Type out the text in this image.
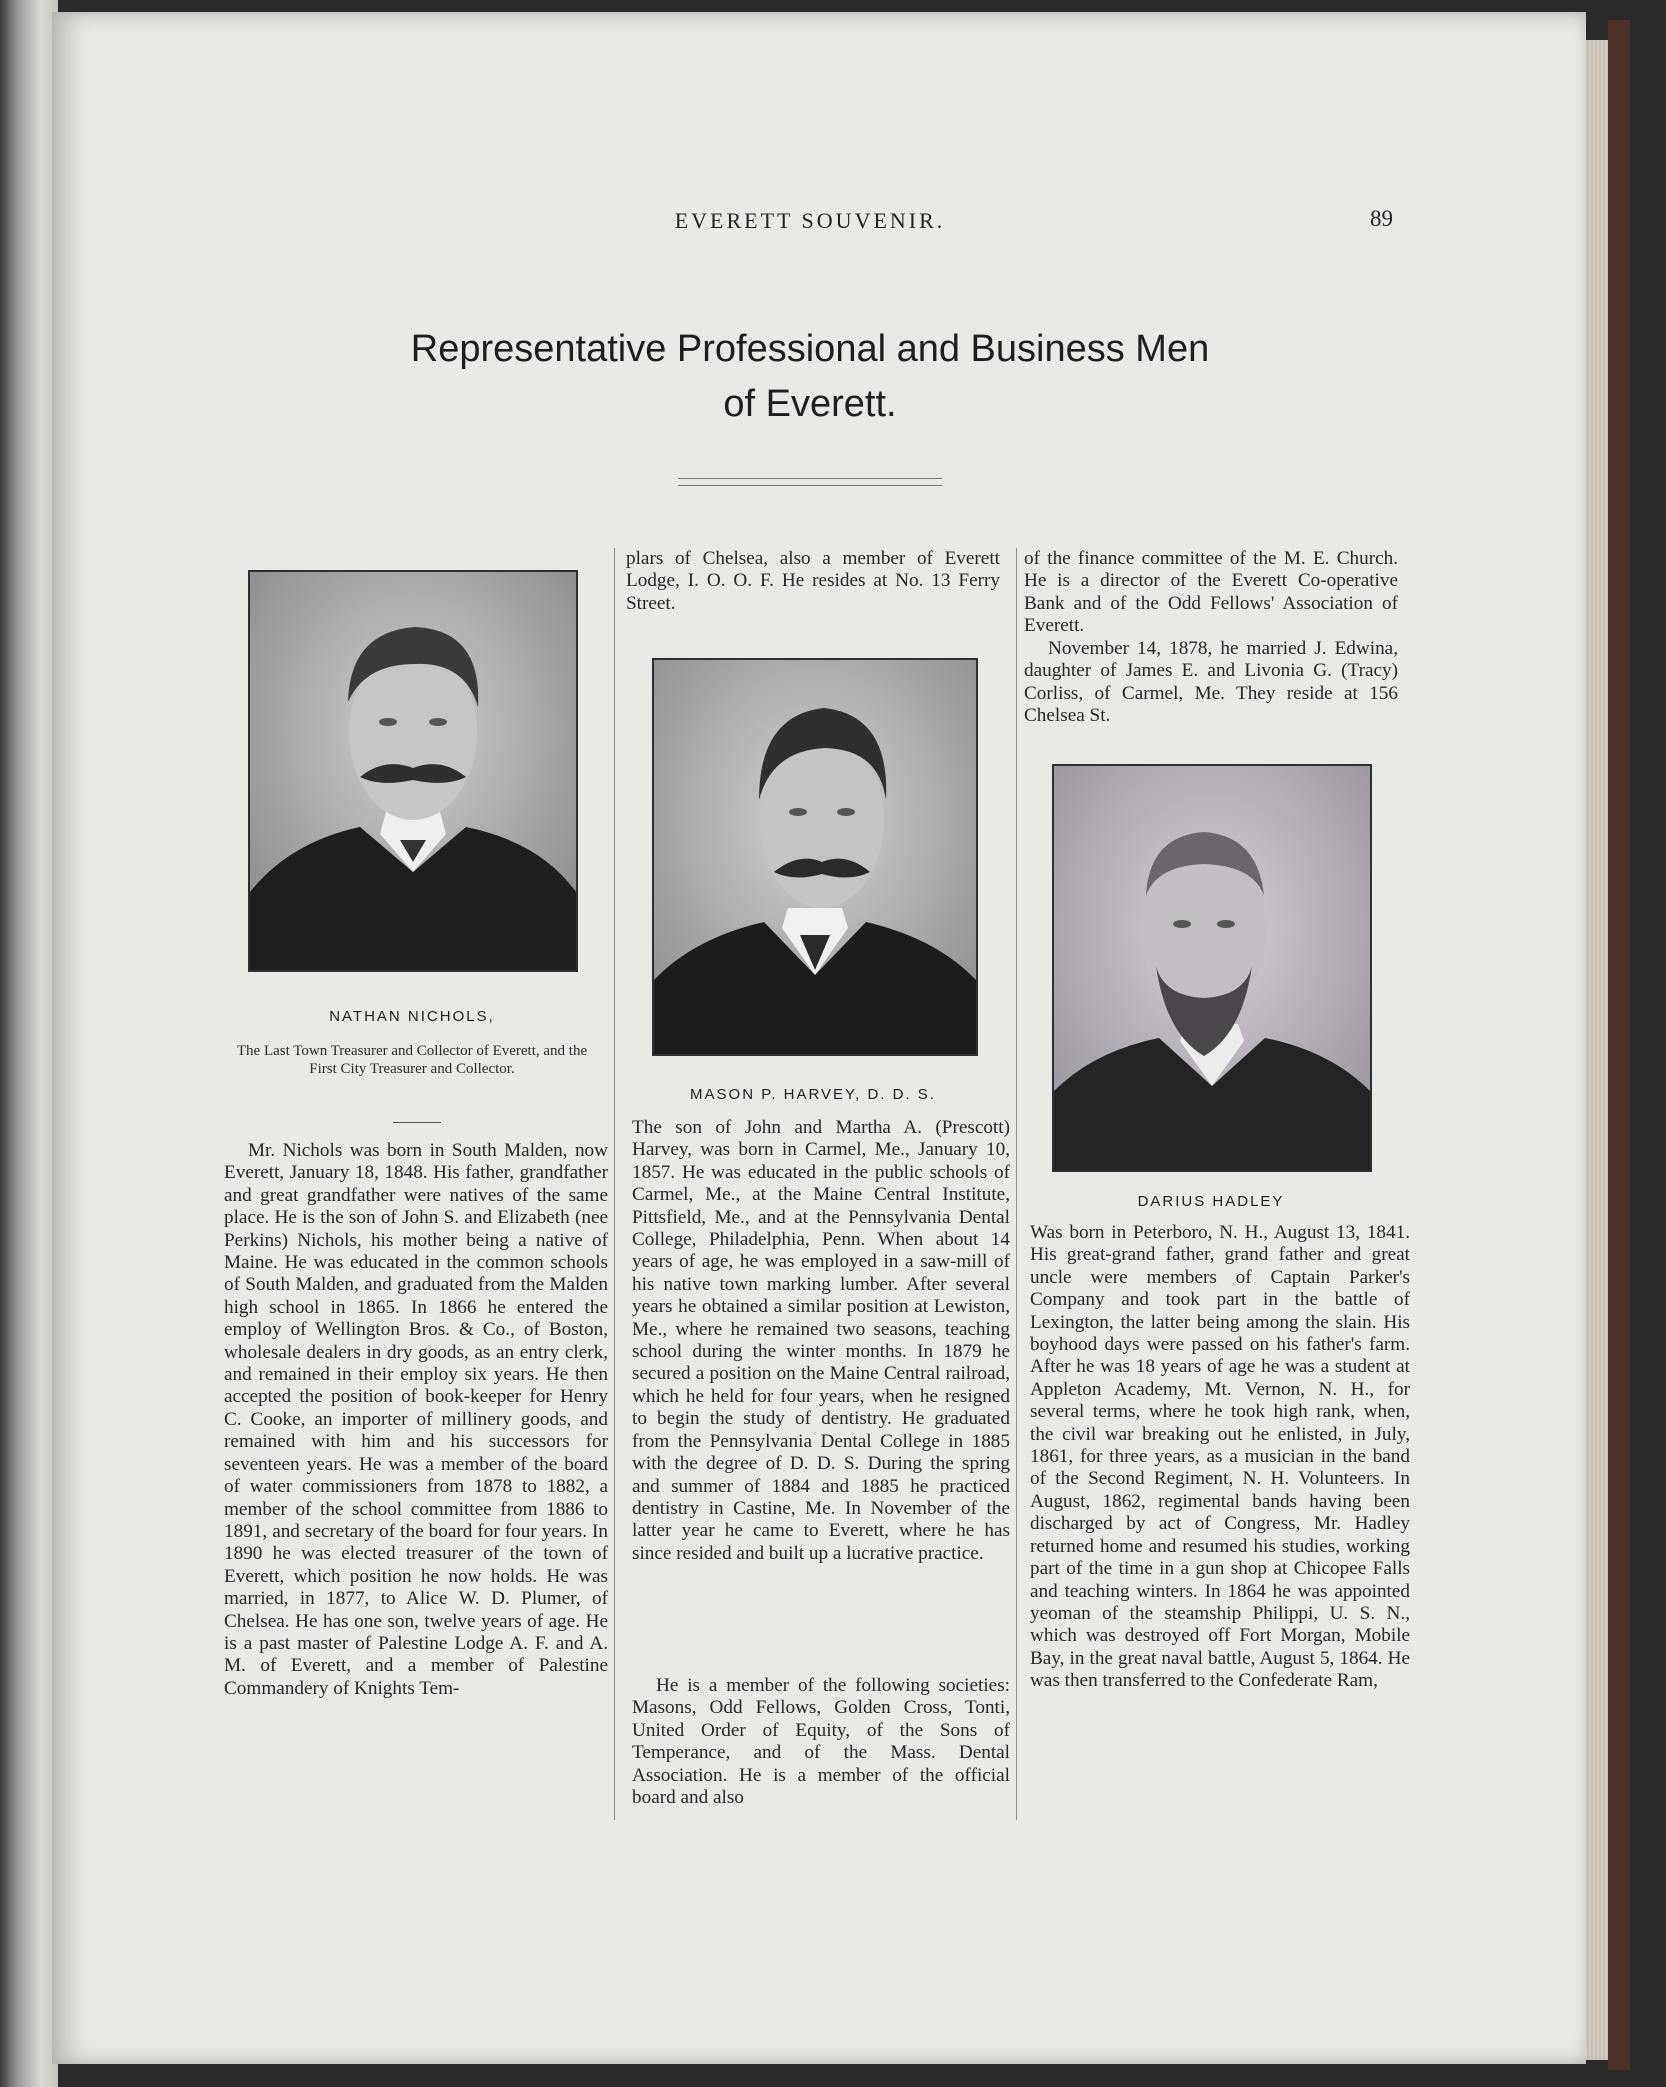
EVERETT SOUVENIR.	89
Representative Professional and Business Men
of Everett.

NATHAN NICHOLS,

The Last Town Treasurer and Collector of Everett, and the First City Treasurer and Collector.

Mr. Nichols was born in South Malden, now Everett, January 18, 1848. His father, grandfather and great grandfather were natives of the same place. He is the son of John S. and Elizabeth (nee Perkins) Nichols, his mother being a native of Maine. He was educated in the common schools of South Malden, and graduated from the Malden high school in 1865. In 1866 he entered the employ of Wellington Bros. & Co., of Boston, wholesale dealers in dry goods, as an entry clerk, and remained in their employ six years. He then accepted the position of book-keeper for Henry C. Cooke, an importer of millinery goods, and remained with him and his successors for seventeen years. He was a member of the board of water commissioners from 1878 to 1882, a member of the school committee from 1886 to 1891, and secretary of the board for four years. In 1890 he was elected treasurer of the town of Everett, which position he now holds. He was married, in 1877, to Alice W. D. Plumer, of Chelsea. He has one son, twelve years of age. He is a past master of Palestine Lodge A. F. and A. M. of Everett, and a member of Palestine Commandery of Knights Tem-

plars of Chelsea, also a member of Everett Lodge, I. O. O. F. He resides at No. 13 Ferry Street.

MASON P. HARVEY, D. D. S.

The son of John and Martha A. (Prescott) Harvey, was born in Carmel, Me., January 10, 1857. He was educated in the public schools of Carmel, Me., at the Maine Central Institute, Pittsfield, Me., and at the Pennsylvania Dental College, Philadelphia, Penn. When about 14 years of age, he was employed in a saw-mill of his native town marking lumber. After several years he obtained a similar position at Lewiston, Me., where he remained two seasons, teaching school during the winter months. In 1879 he secured a position on the Maine Central railroad, which he held for four years, when he resigned to begin the study of dentistry. He graduated from the Pennsylvania Dental College in 1885 with the degree of D. D. S. During the spring and summer of 1884 and 1885 he practiced dentistry in Castine, Me. In November of the latter year he came to Everett, where he has since resided and built up a lucrative practice.

He is a member of the following societies: Masons, Odd Fellows, Golden Cross, Tonti, United Order of Equity, of the Sons of Temperance, and of the Mass. Dental Association. He is a member of the official board and also

of the finance committee of the M. E. Church. He is a director of the Everett Co-operative Bank and of the Odd Fellows' Association of Everett.

November 14, 1878, he married J. Edwina, daughter of James E. and Livonia G. (Tracy) Corliss, of Carmel, Me. They reside at 156 Chelsea St.

DARIUS HADLEY

Was born in Peterboro, N. H., August 13, 1841. His great-grand father, grand father and great uncle were members of Captain Parker's Company and took part in the battle of Lexington, the latter being among the slain. His boyhood days were passed on his father's farm. After he was 18 years of age he was a student at Appleton Academy, Mt. Vernon, N. H., for several terms, where he took high rank, when, the civil war breaking out he enlisted, in July, 1861, for three years, as a musician in the band of the Second Regiment, N. H. Volunteers. In August, 1862, regimental bands having been discharged by act of Congress, Mr. Hadley returned home and resumed his studies, working part of the time in a gun shop at Chicopee Falls and teaching winters. In 1864 he was appointed yeoman of the steamship Philippi, U. S. N., which was destroyed off Fort Morgan, Mobile Bay, in the great naval battle, August 5, 1864. He was then transferred to the Confederate Ram,
